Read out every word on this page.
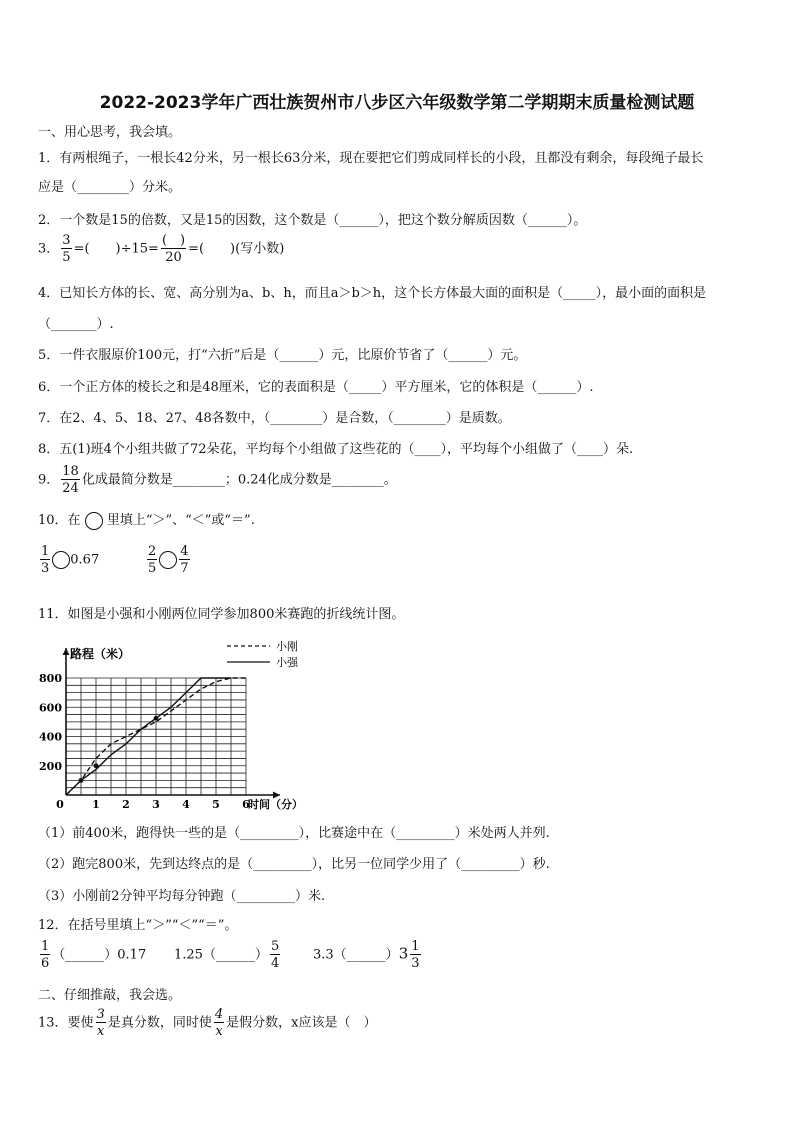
2022-2023学年广西壮族贺州市八步区六年级数学第二学期期末质量检测试题
一、用心思考，我会填。
1．有两根绳子，一根长42分米，另一根长63分米，现在要把它们剪成同样长的小段，且都没有剩余，每段绳子最长
应是（________）分米。
2．一个数是15的倍数，又是15的因数，这个数是（______），把这个数分解质因数（______）。
3． $\frac{3}{5}$ =(　　)$\div 15= \frac{( )}{20}$ =(　　)(写小数)
4．已知长方体的长、宽、高分别为a、b、h，而且a＞b＞h，这个长方体最大面的面积是（_____），最小面的面积是
（_______）.
5．一件衣服原价100元，打“六折”后是（______）元，比原价节省了（______）元。
6．一个正方体的棱长之和是48厘米，它的表面积是（_____）平方厘米，它的体积是（______）.
7．在2、4、5、18、27、48各数中，（________）是合数，（________）是质数。
8．五(1)班4个小组共做了72朵花，平均每个小组做了这些花的（____），平均每个小组做了（____）朵.
9． $\frac{18}{24}$ 化成最简分数是________；0.24化成分数是________。
10．在 里填上“＞”、“＜”或“＝”.
$\frac{1}{3} 0.67$	$\frac{2}{5} \frac{4}{7}$
11．如图是小强和小刚两位同学参加800米赛跑的折线统计图。
0	1 2 3 4 5 6
200
400
600
800
路程（米）
时间（分）
小刚
小强
（1）前400米，跑得快一些的是（_________），比赛途中在（_________）米处两人并列.
（2）跑完800米，先到达终点的是（_________），比另一位同学少用了（_________）秒.
（3）小刚前2分钟平均每分钟跑（_________）米.
12．在括号里填上“＞”“＜”“＝”。
$\frac{1}{6}$ （______）0.17 1.25（______） $\frac{5}{4}$	3.3（______）3 $\frac{1}{3}$
二、仔细推敲，我会选。
13．要使 $\frac{3}{x}$ 是真分数，同时使 $\frac{4}{x}$ 是假分数，x应该是（　）
